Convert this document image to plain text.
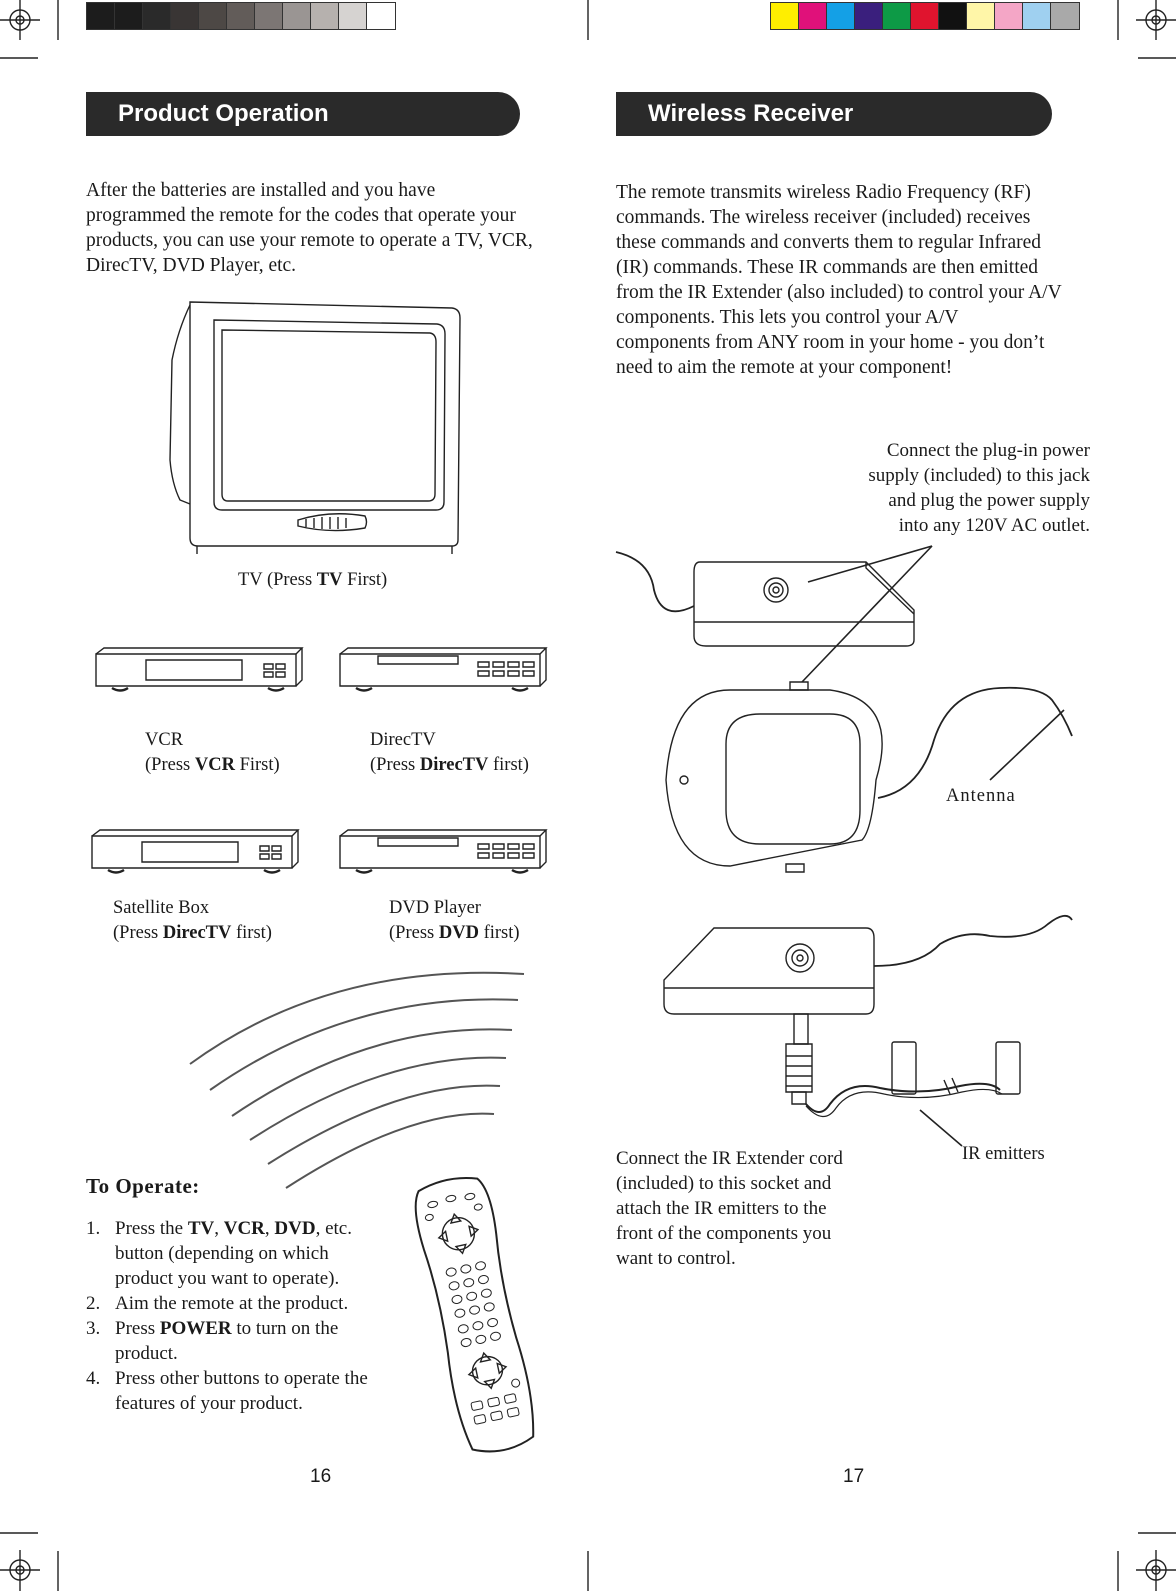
Product Operation
After the batteries are installed and you have
programmed the remote for the codes that operate your
products, you can use your remote to operate a TV, VCR,
DirecTV, DVD Player, etc.
TV (Press TV First)
VCR
(Press VCR First)
DirecTV
(Press DirecTV first)
Satellite Box
(Press DirecTV first)
DVD Player
(Press DVD first)
To Operate:
1. Press the TV, VCR, DVD, etc. button (depending on which product you want to operate).
2. Aim the remote at the product.
3. Press POWER to turn on the product.
4. Press other buttons to operate the features of your product.
16
Wireless Receiver
The remote transmits wireless Radio Frequency (RF)
commands. The wireless receiver (included) receives
these commands and converts them to regular Infrared
(IR) commands. These IR commands are then emitted
from the IR Extender (also included) to control your A/V
components. This lets you control your A/V
components from ANY room in your home - you don’t
need to aim the remote at your component!
Connect the plug-in power
supply (included) to this jack
and plug the power supply
into any 120V AC outlet.
Antenna
IR emitters
Connect the IR Extender cord
(included) to this socket and
attach the IR emitters to the
front of the components you
want to control.
17
